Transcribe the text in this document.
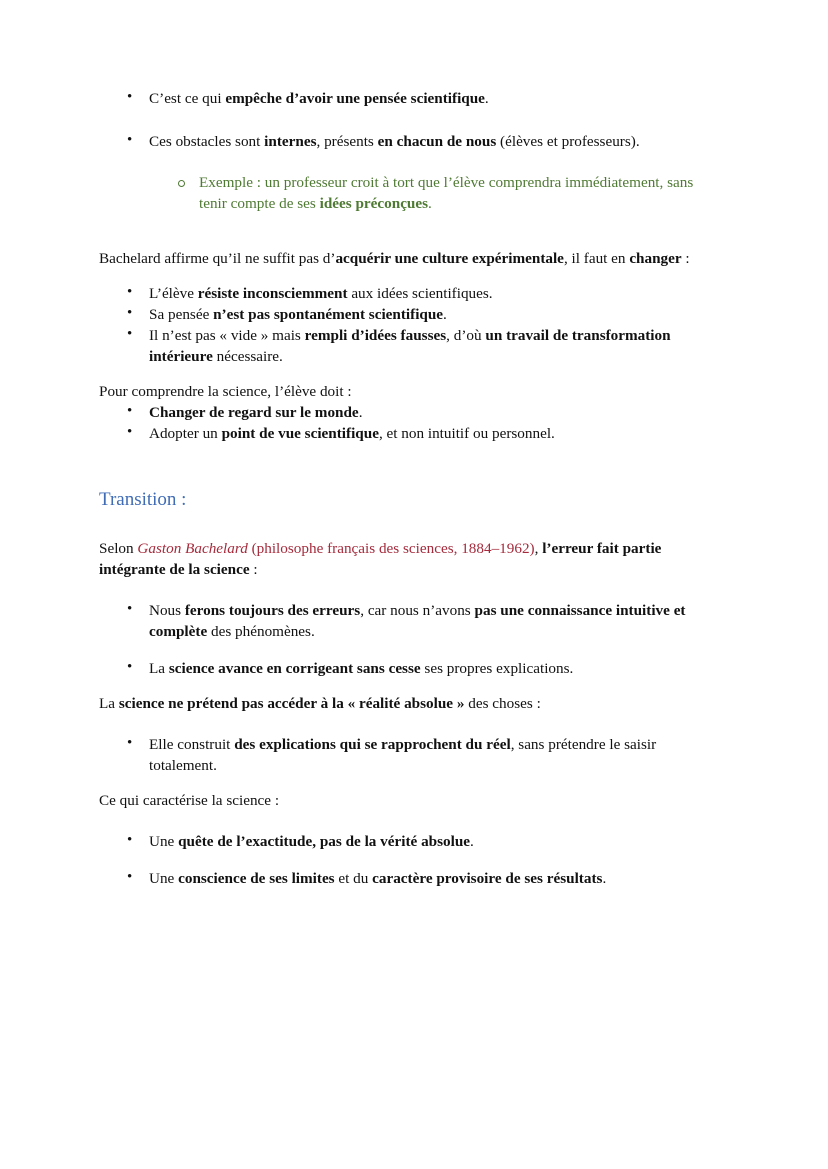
• C’est ce qui empêche d’avoir une pensée scientifique.
• Ces obstacles sont internes, présents en chacun de nous (élèves et professeurs).
Exemple : un professeur croit à tort que l’élève comprendra immédiatement, sans tenir compte de ses idées préconçues.

Bachelard affirme qu’il ne suffit pas d’acquérir une culture expérimentale, il faut en changer :

• L’élève résiste inconsciemment aux idées scientifiques.
• Sa pensée n’est pas spontanément scientifique.
• Il n’est pas « vide » mais rempli d’idées fausses, d’où un travail de transformation intérieure nécessaire.

Pour comprendre la science, l’élève doit :

• Changer de regard sur le monde.
• Adopter un point de vue scientifique, et non intuitif ou personnel.
Transition :

Selon Gaston Bachelard (philosophe français des sciences, 1884–1962), l’erreur fait partie intégrante de la science :

• Nous ferons toujours des erreurs, car nous n’avons pas une connaissance intuitive et complète des phénomènes.
• La science avance en corrigeant sans cesse ses propres explications.

La science ne prétend pas accéder à la « réalité absolue » des choses :

• Elle construit des explications qui se rapprochent du réel, sans prétendre le saisir totalement.

Ce qui caractérise la science :

• Une quête de l’exactitude, pas de la vérité absolue.
• Une conscience de ses limites et du caractère provisoire de ses résultats.
